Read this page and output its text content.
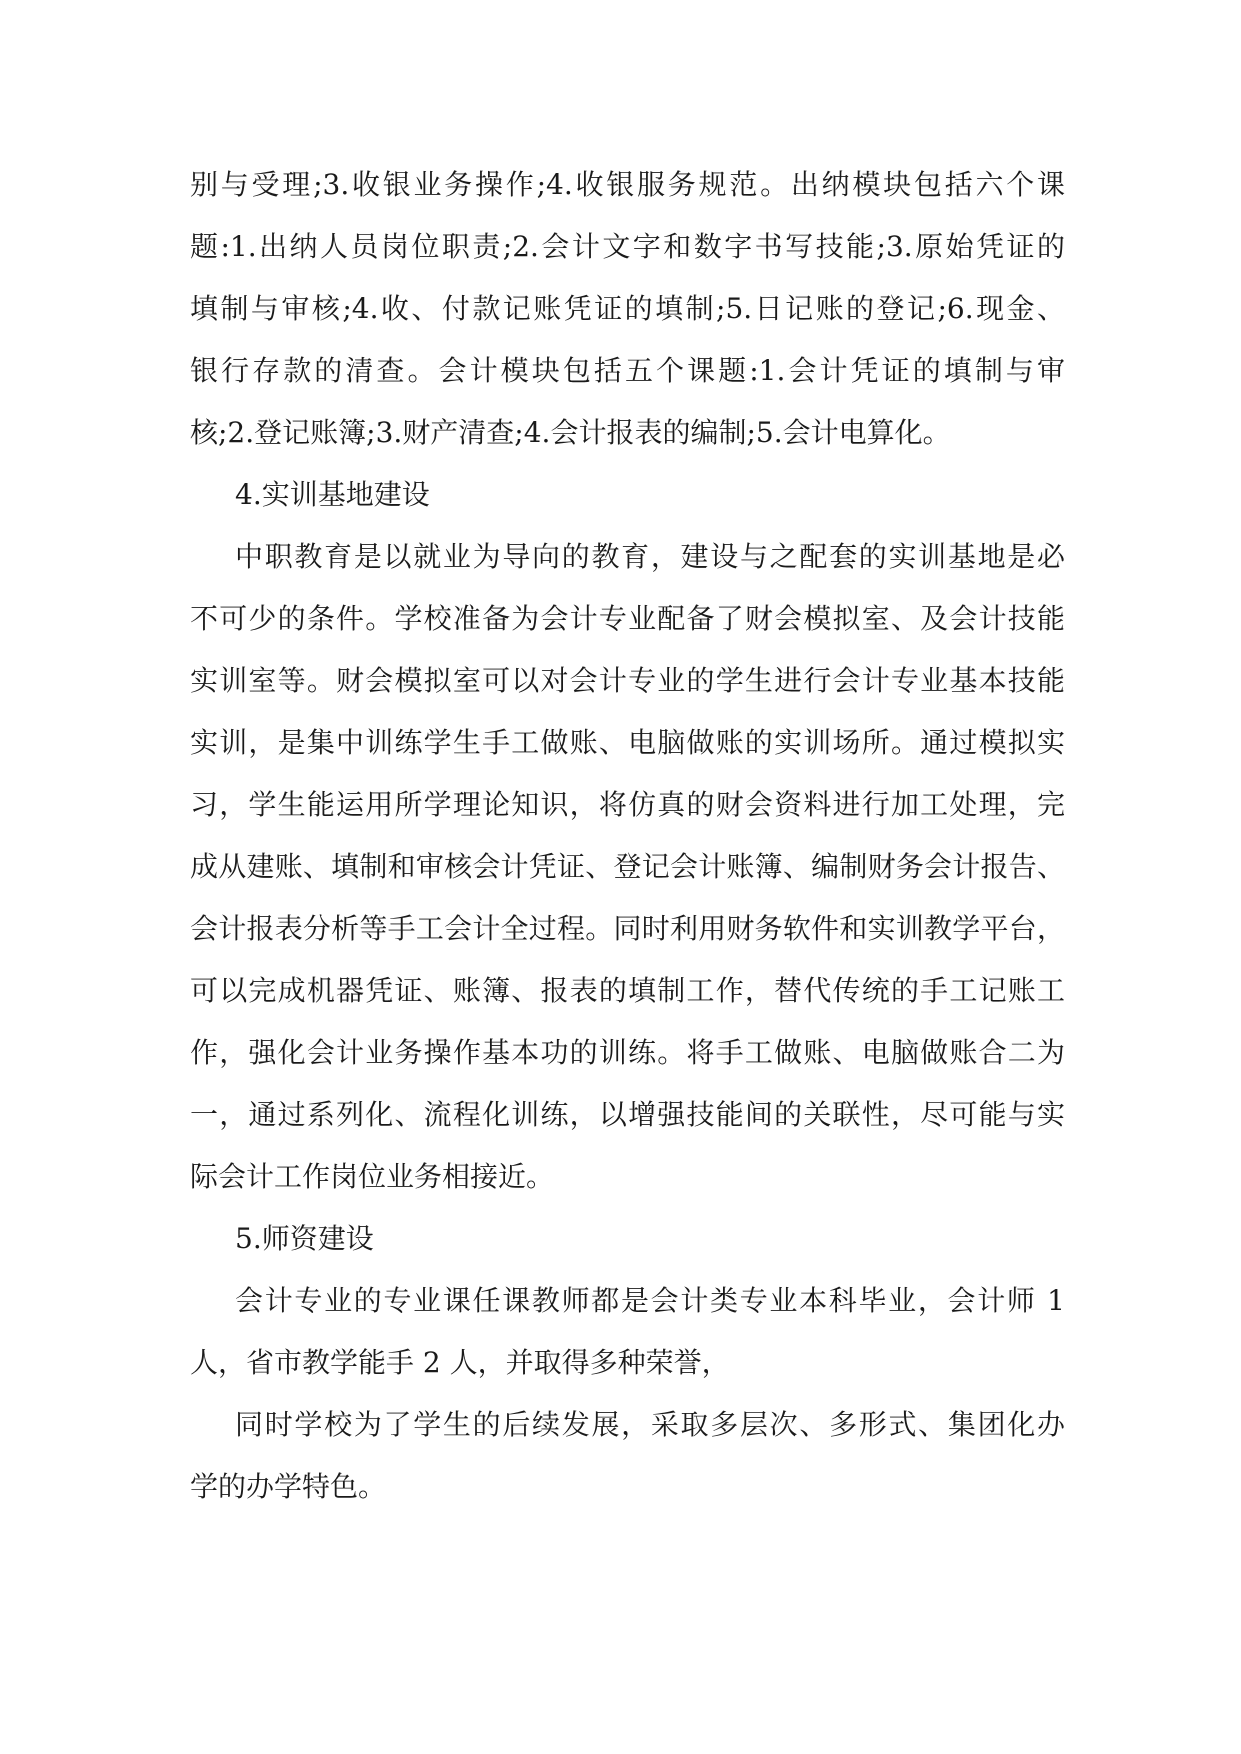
别与受理;3.收银业务操作;4.收银服务规范。出纳模块包括六个课
题:1.出纳人员岗位职责;2.会计文字和数字书写技能;3.原始凭证的
填制与审核;4.收、付款记账凭证的填制;5.日记账的登记;6.现金、
银行存款的清查。会计模块包括五个课题:1.会计凭证的填制与审
核;2.登记账簿;3.财产清查;4.会计报表的编制;5.会计电算化。

4.实训基地建设

中职教育是以就业为导向的教育，建设与之配套的实训基地是必
不可少的条件。学校准备为会计专业配备了财会模拟室、及会计技能
实训室等。财会模拟室可以对会计专业的学生进行会计专业基本技能
实训，是集中训练学生手工做账、电脑做账的实训场所。通过模拟实
习，学生能运用所学理论知识，将仿真的财会资料进行加工处理，完
成从建账、填制和审核会计凭证、登记会计账簿、编制财务会计报告、
会计报表分析等手工会计全过程。同时利用财务软件和实训教学平台，
可以完成机器凭证、账簿、报表的填制工作，替代传统的手工记账工
作，强化会计业务操作基本功的训练。将手工做账、电脑做账合二为
一，通过系列化、流程化训练，以增强技能间的关联性，尽可能与实
际会计工作岗位业务相接近。

5.师资建设

会计专业的专业课任课教师都是会计类专业本科毕业，会计师 1
人，省市教学能手 2 人，并取得多种荣誉，

同时学校为了学生的后续发展，采取多层次、多形式、集团化办
学的办学特色。
